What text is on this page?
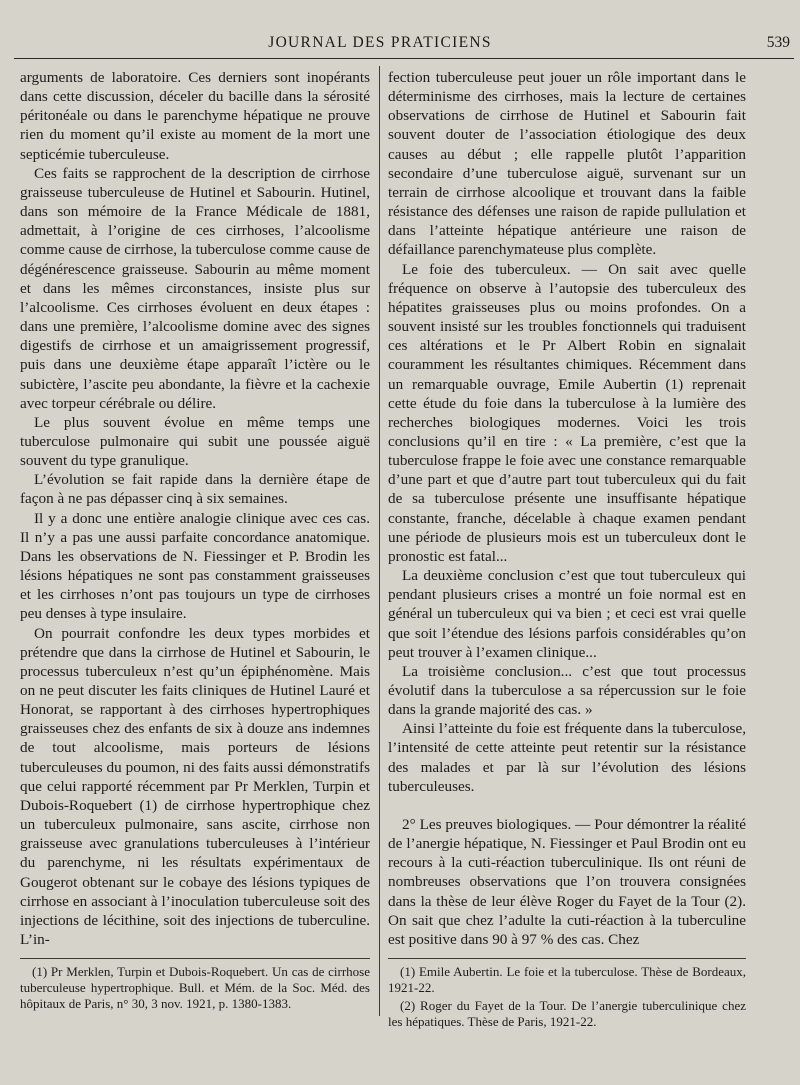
JOURNAL DES PRATICIENS	539

arguments de laboratoire. Ces derniers sont inopérants dans cette discussion, déceler du bacille dans la sérosité péritonéale ou dans le parenchyme hépatique ne prouve rien du moment qu’il existe au moment de la mort une septicémie tuberculeuse.

Ces faits se rapprochent de la description de cirrhose graisseuse tuberculeuse de Hutinel et Sabourin. Hutinel, dans son mémoire de la France Médicale de 1881, admettait, à l’origine de ces cirrhoses, l’alcoolisme comme cause de cirrhose, la tuberculose comme cause de dégénérescence graisseuse. Sabourin au même moment et dans les mêmes circonstances, insiste plus sur l’alcoolisme. Ces cirrhoses évoluent en deux étapes : dans une première, l’alcoolisme domine avec des signes digestifs de cirrhose et un amaigrissement progressif, puis dans une deuxième étape apparaît l’ictère ou le subictère, l’ascite peu abondante, la fièvre et la cachexie avec torpeur cérébrale ou délire.

Le plus souvent évolue en même temps une tuberculose pulmonaire qui subit une poussée aiguë souvent du type granulique.

L’évolution se fait rapide dans la dernière étape de façon à ne pas dépasser cinq à six semaines.

Il y a donc une entière analogie clinique avec ces cas. Il n’y a pas une aussi parfaite concordance anatomique. Dans les observations de N. Fiessinger et P. Brodin les lésions hépatiques ne sont pas constamment graisseuses et les cirrhoses n’ont pas toujours un type de cirrhoses peu denses à type insulaire.

On pourrait confondre les deux types morbides et prétendre que dans la cirrhose de Hutinel et Sabourin, le processus tuberculeux n’est qu’un épiphénomène. Mais on ne peut discuter les faits cliniques de Hutinel Lauré et Honorat, se rapportant à des cirrhoses hypertrophiques graisseuses chez des enfants de six à douze ans indemnes de tout alcoolisme, mais porteurs de lésions tuberculeuses du poumon, ni des faits aussi démonstratifs que celui rapporté récemment par Pr Merklen, Turpin et Dubois-Roquebert (1) de cirrhose hypertrophique chez un tuberculeux pulmonaire, sans ascite, cirrhose non graisseuse avec granulations tuberculeuses à l’intérieur du parenchyme, ni les résultats expérimentaux de Gougerot obtenant sur le cobaye des lésions typiques de cirrhose en associant à l’inoculation tuberculeuse soit des injections de lécithine, soit des injections de tuberculine. L’in-

fection tuberculeuse peut jouer un rôle important dans le déterminisme des cirrhoses, mais la lecture de certaines observations de cirrhose de Hutinel et Sabourin fait souvent douter de l’association étiologique des deux causes au début ; elle rappelle plutôt l’apparition secondaire d’une tuberculose aiguë, survenant sur un terrain de cirrhose alcoolique et trouvant dans la faible résistance des défenses une raison de rapide pullulation et dans l’atteinte hépatique antérieure une raison de défaillance parenchymateuse plus complète.

Le foie des tuberculeux. — On sait avec quelle fréquence on observe à l’autopsie des tuberculeux des hépatites graisseuses plus ou moins profondes. On a souvent insisté sur les troubles fonctionnels qui traduisent ces altérations et le Pr Albert Robin en signalait couramment les résultantes chimiques. Récemment dans un remarquable ouvrage, Emile Aubertin (1) reprenait cette étude du foie dans la tuberculose à la lumière des recherches biologiques modernes. Voici les trois conclusions qu’il en tire : « La première, c’est que la tuberculose frappe le foie avec une constance remarquable d’une part et que d’autre part tout tuberculeux qui du fait de sa tuberculose présente une insuffisante hépatique constante, franche, décelable à chaque examen pendant une période de plusieurs mois est un tuberculeux dont le pronostic est fatal...

La deuxième conclusion c’est que tout tuberculeux qui pendant plusieurs crises a montré un foie normal est en général un tuberculeux qui va bien ; et ceci est vrai quelle que soit l’étendue des lésions parfois considérables qu’on peut trouver à l’examen clinique...

La troisième conclusion... c’est que tout processus évolutif dans la tuberculose a sa répercussion sur le foie dans la grande majorité des cas. »

Ainsi l’atteinte du foie est fréquente dans la tuberculose, l’intensité de cette atteinte peut retentir sur la résistance des malades et par là sur l’évolution des lésions tuberculeuses.

2° Les preuves biologiques. — Pour démontrer la réalité de l’anergie hépatique, N. Fiessinger et Paul Brodin ont eu recours à la cuti-réaction tuberculinique. Ils ont réuni de nombreuses observations que l’on trouvera consignées dans la thèse de leur élève Roger du Fayet de la Tour (2). On sait que chez l’adulte la cuti-réaction à la tuberculine est positive dans 90 à 97 % des cas. Chez

(1) Pr Merklen, Turpin et Dubois-Roquebert. Un cas de cirrhose tuberculeuse hypertrophique. Bull. et Mém. de la Soc. Méd. des hôpitaux de Paris, n° 30, 3 nov. 1921, p. 1380-1383.

(1) Emile Aubertin. Le foie et la tuberculose. Thèse de Bordeaux, 1921-22.

(2) Roger du Fayet de la Tour. De l’anergie tuberculinique chez les hépatiques. Thèse de Paris, 1921-22.
